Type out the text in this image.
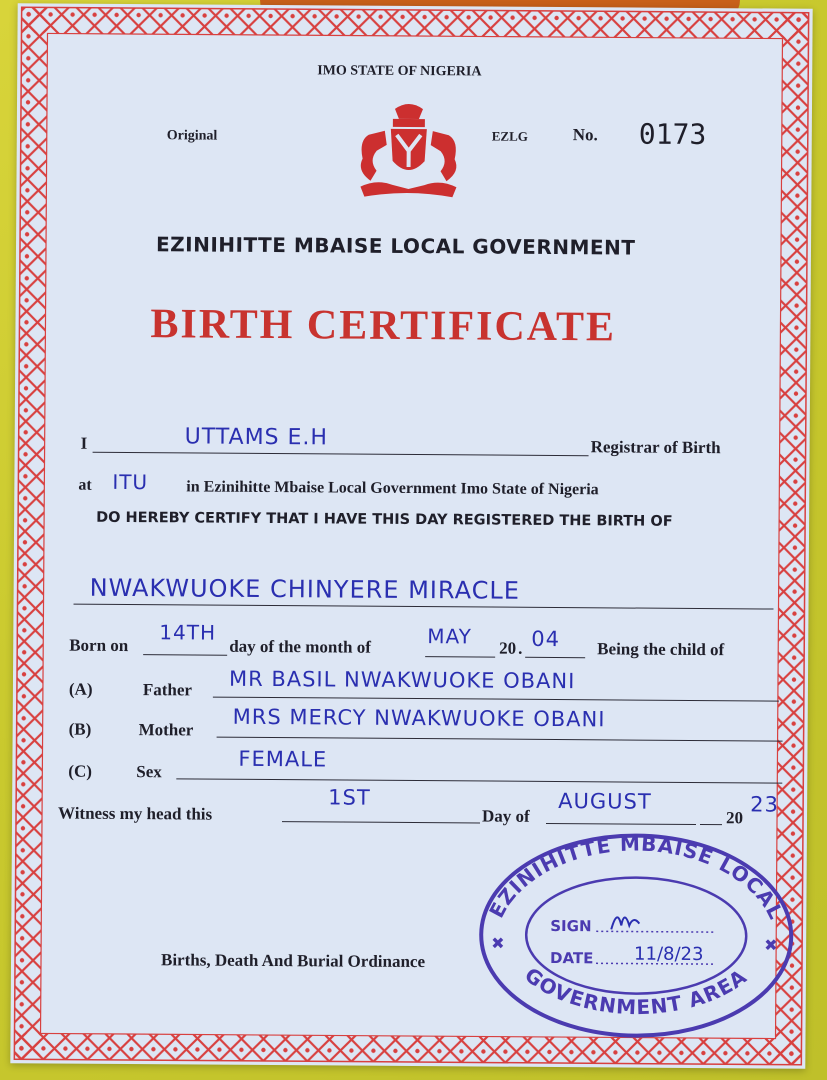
IMO STATE OF NIGERIA
Original	EZLG	No. 0173
EZINIHITTE MBAISE LOCAL GOVERNMENT
BIRTH CERTIFICATE
I	UTTAMS E.H	Registrar of Birth
at ITU in Ezinihitte Mbaise Local Government Imo State of Nigeria
DO HEREBY CERTIFY THAT I HAVE THIS DAY REGISTERED THE BIRTH OF
NWAKWUOKE CHINYERE MIRACLE
Born on
14TH
day of the month of	MAY 20 . 04 Being the child of
(A)	Father MR BASIL NWAKWUOKE OBANI
(B)	Mother MRS MERCY NWAKWUOKE OBANI
(C)	Sex
FEMALE
Witness my head this
1ST
Day of
AUGUST
20
23
Births, Death And Burial Ordinance
EZINIHITTE MBAISE LOCAL
GOVERNMENT AREA
✖	✖
SIGN
DATE 11/8/23
